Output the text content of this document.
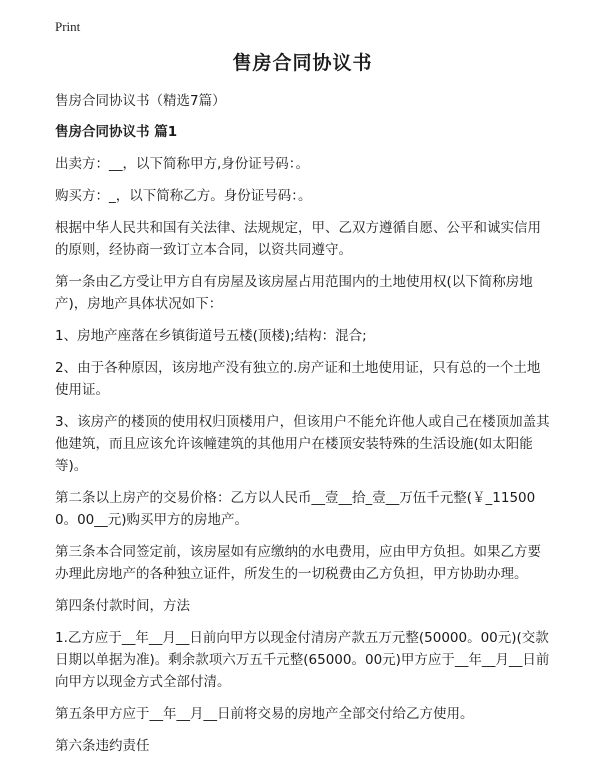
Print
售房合同协议书
售房合同协议书（精选7篇）
售房合同协议书 篇1

出卖方：__，以下简称甲方,身份证号码：。

购买方：_，以下简称乙方。身份证号码：。

根据中华人民共和国有关法律、法规规定，甲、乙双方遵循自愿、公平和诚实信用的原则，经协商一致订立本合同，以资共同遵守。

第一条由乙方受让甲方自有房屋及该房屋占用范围内的土地使用权(以下简称房地产)，房地产具体状况如下：

1、房地产座落在乡镇街道号五楼(顶楼);结构：混合;

2、由于各种原因，该房地产没有独立的.房产证和土地使用证，只有总的一个土地使用证。

3、该房产的楼顶的使用权归顶楼用户，但该用户不能允许他人或自己在楼顶加盖其他建筑，而且应该允许该幢建筑的其他用户在楼顶安装特殊的生活设施(如太阳能等)。

第二条以上房产的交易价格：乙方以人民币__壹__拾_壹__万伍千元整(￥_115000。00__元)购买甲方的房地产。

第三条本合同签定前，该房屋如有应缴纳的水电费用，应由甲方负担。如果乙方要办理此房地产的各种独立证件，所发生的一切税费由乙方负担，甲方协助办理。

第四条付款时间，方法

1.乙方应于__年__月__日前向甲方以现金付清房产款五万元整(50000。00元)(交款日期以单据为准)。剩余款项六万五千元整(65000。00元)甲方应于__年__月__日前向甲方以现金方式全部付清。

第五条甲方应于__年__月__日前将交易的房地产全部交付给乙方使用。

第六条违约责任
